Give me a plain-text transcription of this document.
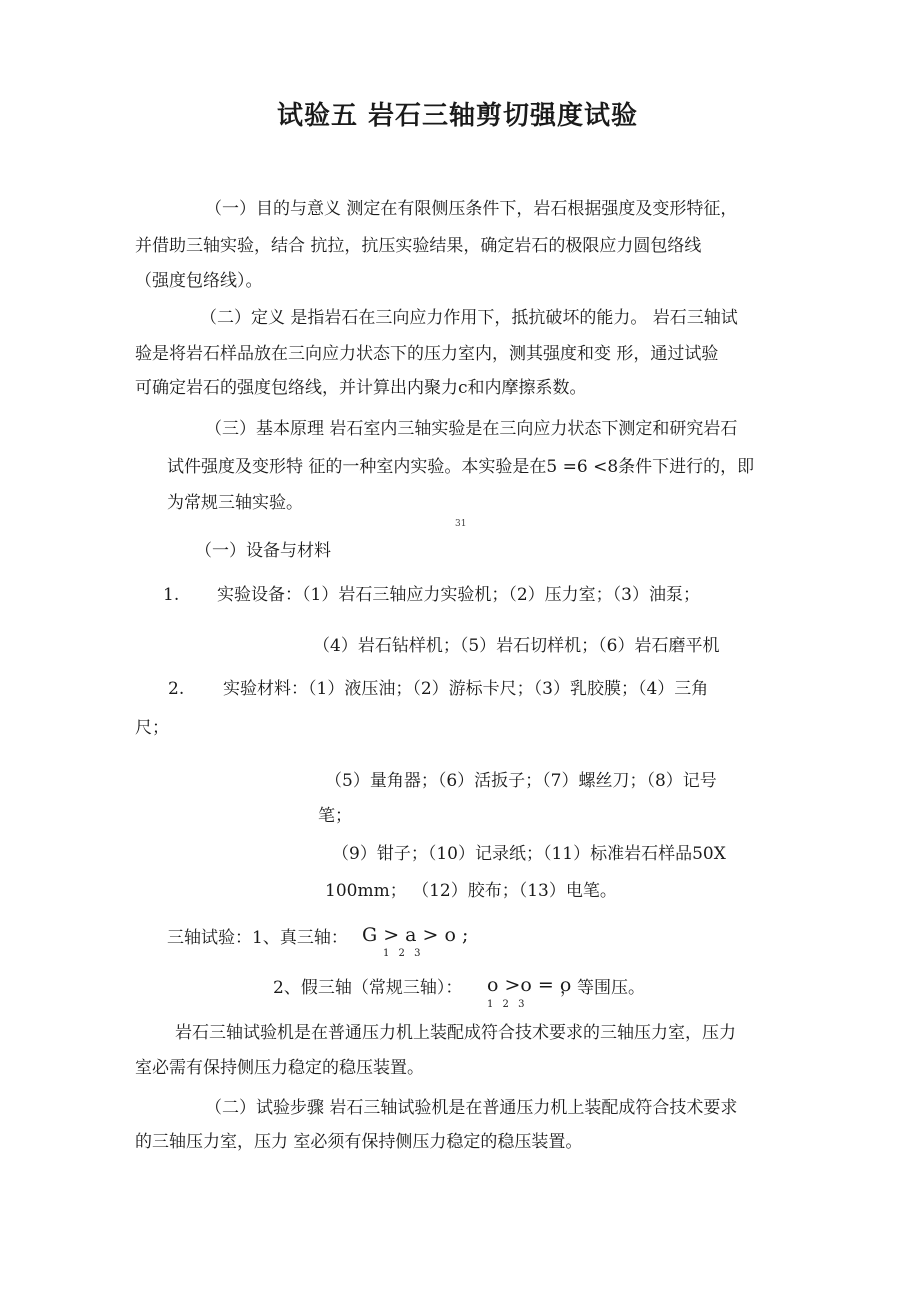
试验五 岩石三轴剪切强度试验
（一）目的与意义 测定在有限侧压条件下，岩石根据强度及变形特征，
并借助三轴实验，结合 抗拉，抗压实验结果，确定岩石的极限应力圆包络线
（强度包络线）。
（二）定义 是指岩石在三向应力作用下，抵抗破坏的能力。 岩石三轴试
验是将岩石样品放在三向应力状态下的压力室内，测其强度和变 形，通过试验
可确定岩石的强度包络线，并计算出内聚力c和内摩擦系数。
（三）基本原理 岩石室内三轴实验是在三向应力状态下测定和研究岩石
试件强度及变形特 征的一种室内实验。本实验是在5 =6 <8条件下进行的，即
为常规三轴实验。
31
（一）设备与材料
1. 实验设备：（1）岩石三轴应力实验机；（2）压力室；（3）油泵；
（4）岩石钻样机；（5）岩石切样机；（6）岩石磨平机
2. 实验材料：（1）液压油；（2）游标卡尺；（3）乳胶膜；（4）三角
尺；
（5）量角器；（6）活扳子；（7）螺丝刀；（8）记号
笔；
（9）钳子；（10）记录纸；（11）标准岩石样品50X
100mm； （12）胶布；（13）电笔。
三轴试验：1、真三轴： G > a > o ;
1 2 3
2、假三轴（常规三轴）： o >o = o
，等围压。
1 2 3
岩石三轴试验机是在普通压力机上装配成符合技术要求的三轴压力室，压力
室必需有保持侧压力稳定的稳压装置。
（二）试验步骤 岩石三轴试验机是在普通压力机上装配成符合技术要求
的三轴压力室，压力 室必须有保持侧压力稳定的稳压装置。
